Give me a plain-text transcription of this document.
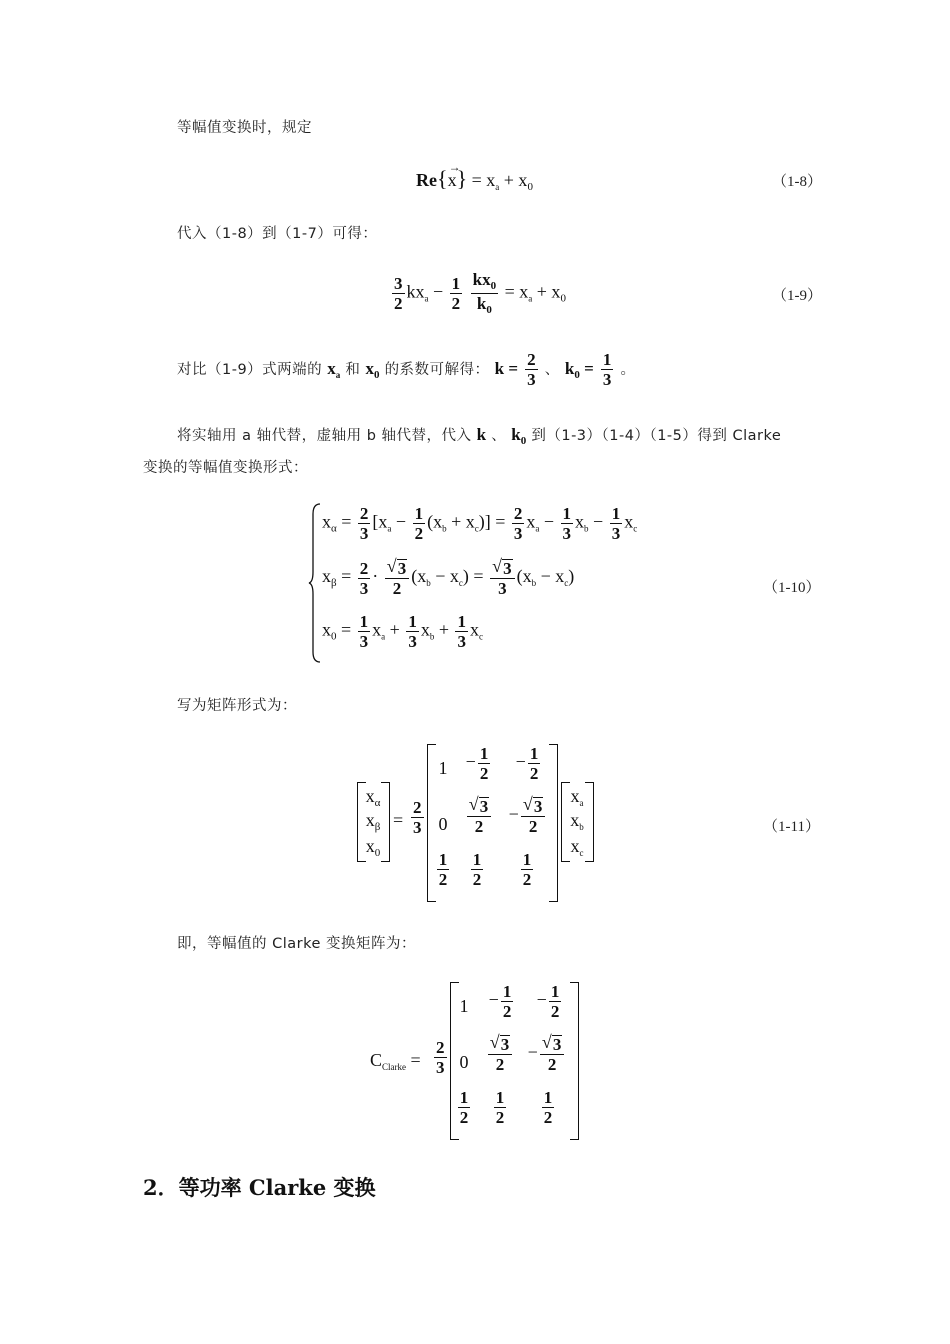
等幅值变换时，规定
Re{x
→
} = $x_a + x_0$	（1-8）
代入（1-8）到（1-7）可得：
$\frac{3}{2} kx_a - \frac{1}{2}$
$\frac{kx_0}{k_0} = x_a + x_0$	（1-9）
对比（1-9）式两端的 $x_a$ 和 $x_0$ 的系数可解得： $k = \frac{2}{3}$ 、 $k_0 = \frac{1}{3}$ 。
将实轴用 a 轴代替，虚轴用 b 轴代替，代入 k 、 $k_0$ 到（1-3）（1-4）（1-5）得到 Clarke
变换的等幅值变换形式：
$x_\alpha = \frac{2}{3} [x_a - \frac{1}{2} (x_b + x_c)] = \frac{2}{3} x_a - \frac{1}{3} x_b - \frac{1}{3} x_c$
$x_\beta = \frac{2}{3} \cdot \frac{√ 3}{2} (x_b - x_c) = \frac{√ 3}{3} (x_b - x_c)$
$x_0 = \frac{1}{3} x_a + \frac{1}{3} x_b + \frac{1}{3} x_c$
（1-10）
写为矩阵形式为：
$x_\alpha$
$x_\beta$
$x_0$
= $\frac{2}{3}$
1	− $\frac{1}{2}$	− $\frac{1}{2}$
0	$\frac{√ 3}{2} - \frac{√ 3}{2}$
$\frac{1}{2} \frac{1}{2} \frac{1}{2}$
$x_a$
$x_b$
$x_c$
（1-11）
即，等幅值的 Clarke 变换矩阵为：
$C_{Clarke} = \frac{2}{3}$
1	− $\frac{1}{2}$	− $\frac{1}{2}$
0	$\frac{√ 3}{2} - \frac{√ 3}{2}$
$\frac{1}{2} \frac{1}{2} \frac{1}{2}$
2．等功率 Clarke 变换
